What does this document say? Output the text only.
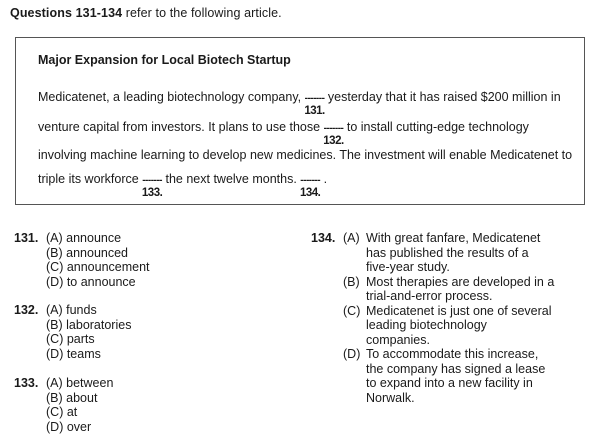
Questions 131-134 refer to the following article.
Major Expansion for Local Biotech Startup
Medicatenet, a leading biotechnology company, -------
131.
yesterday that it has raised $200 million in
venture capital from investors. It plans to use those -------
132.
to install cutting-edge technology
involving machine learning to develop new medicines. The investment will enable Medicatenet to
triple its workforce -------
133.
the next twelve months. -------
134.
.
131. (A) announce
(B) announced
(C) announcement
(D) to announce
132. (A) funds
(B) laboratories
(C) parts
(D) teams
133. (A) between
(B) about
(C) at
(D) over
134. (A) With great fanfare, Medicatenet
has published the results of a
five-year study.
(B) Most therapies are developed in a
trial-and-error process.
(C) Medicatenet is just one of several
leading biotechnology
companies.
(D) To accommodate this increase,
the company has signed a lease
to expand into a new facility in
Norwalk.
